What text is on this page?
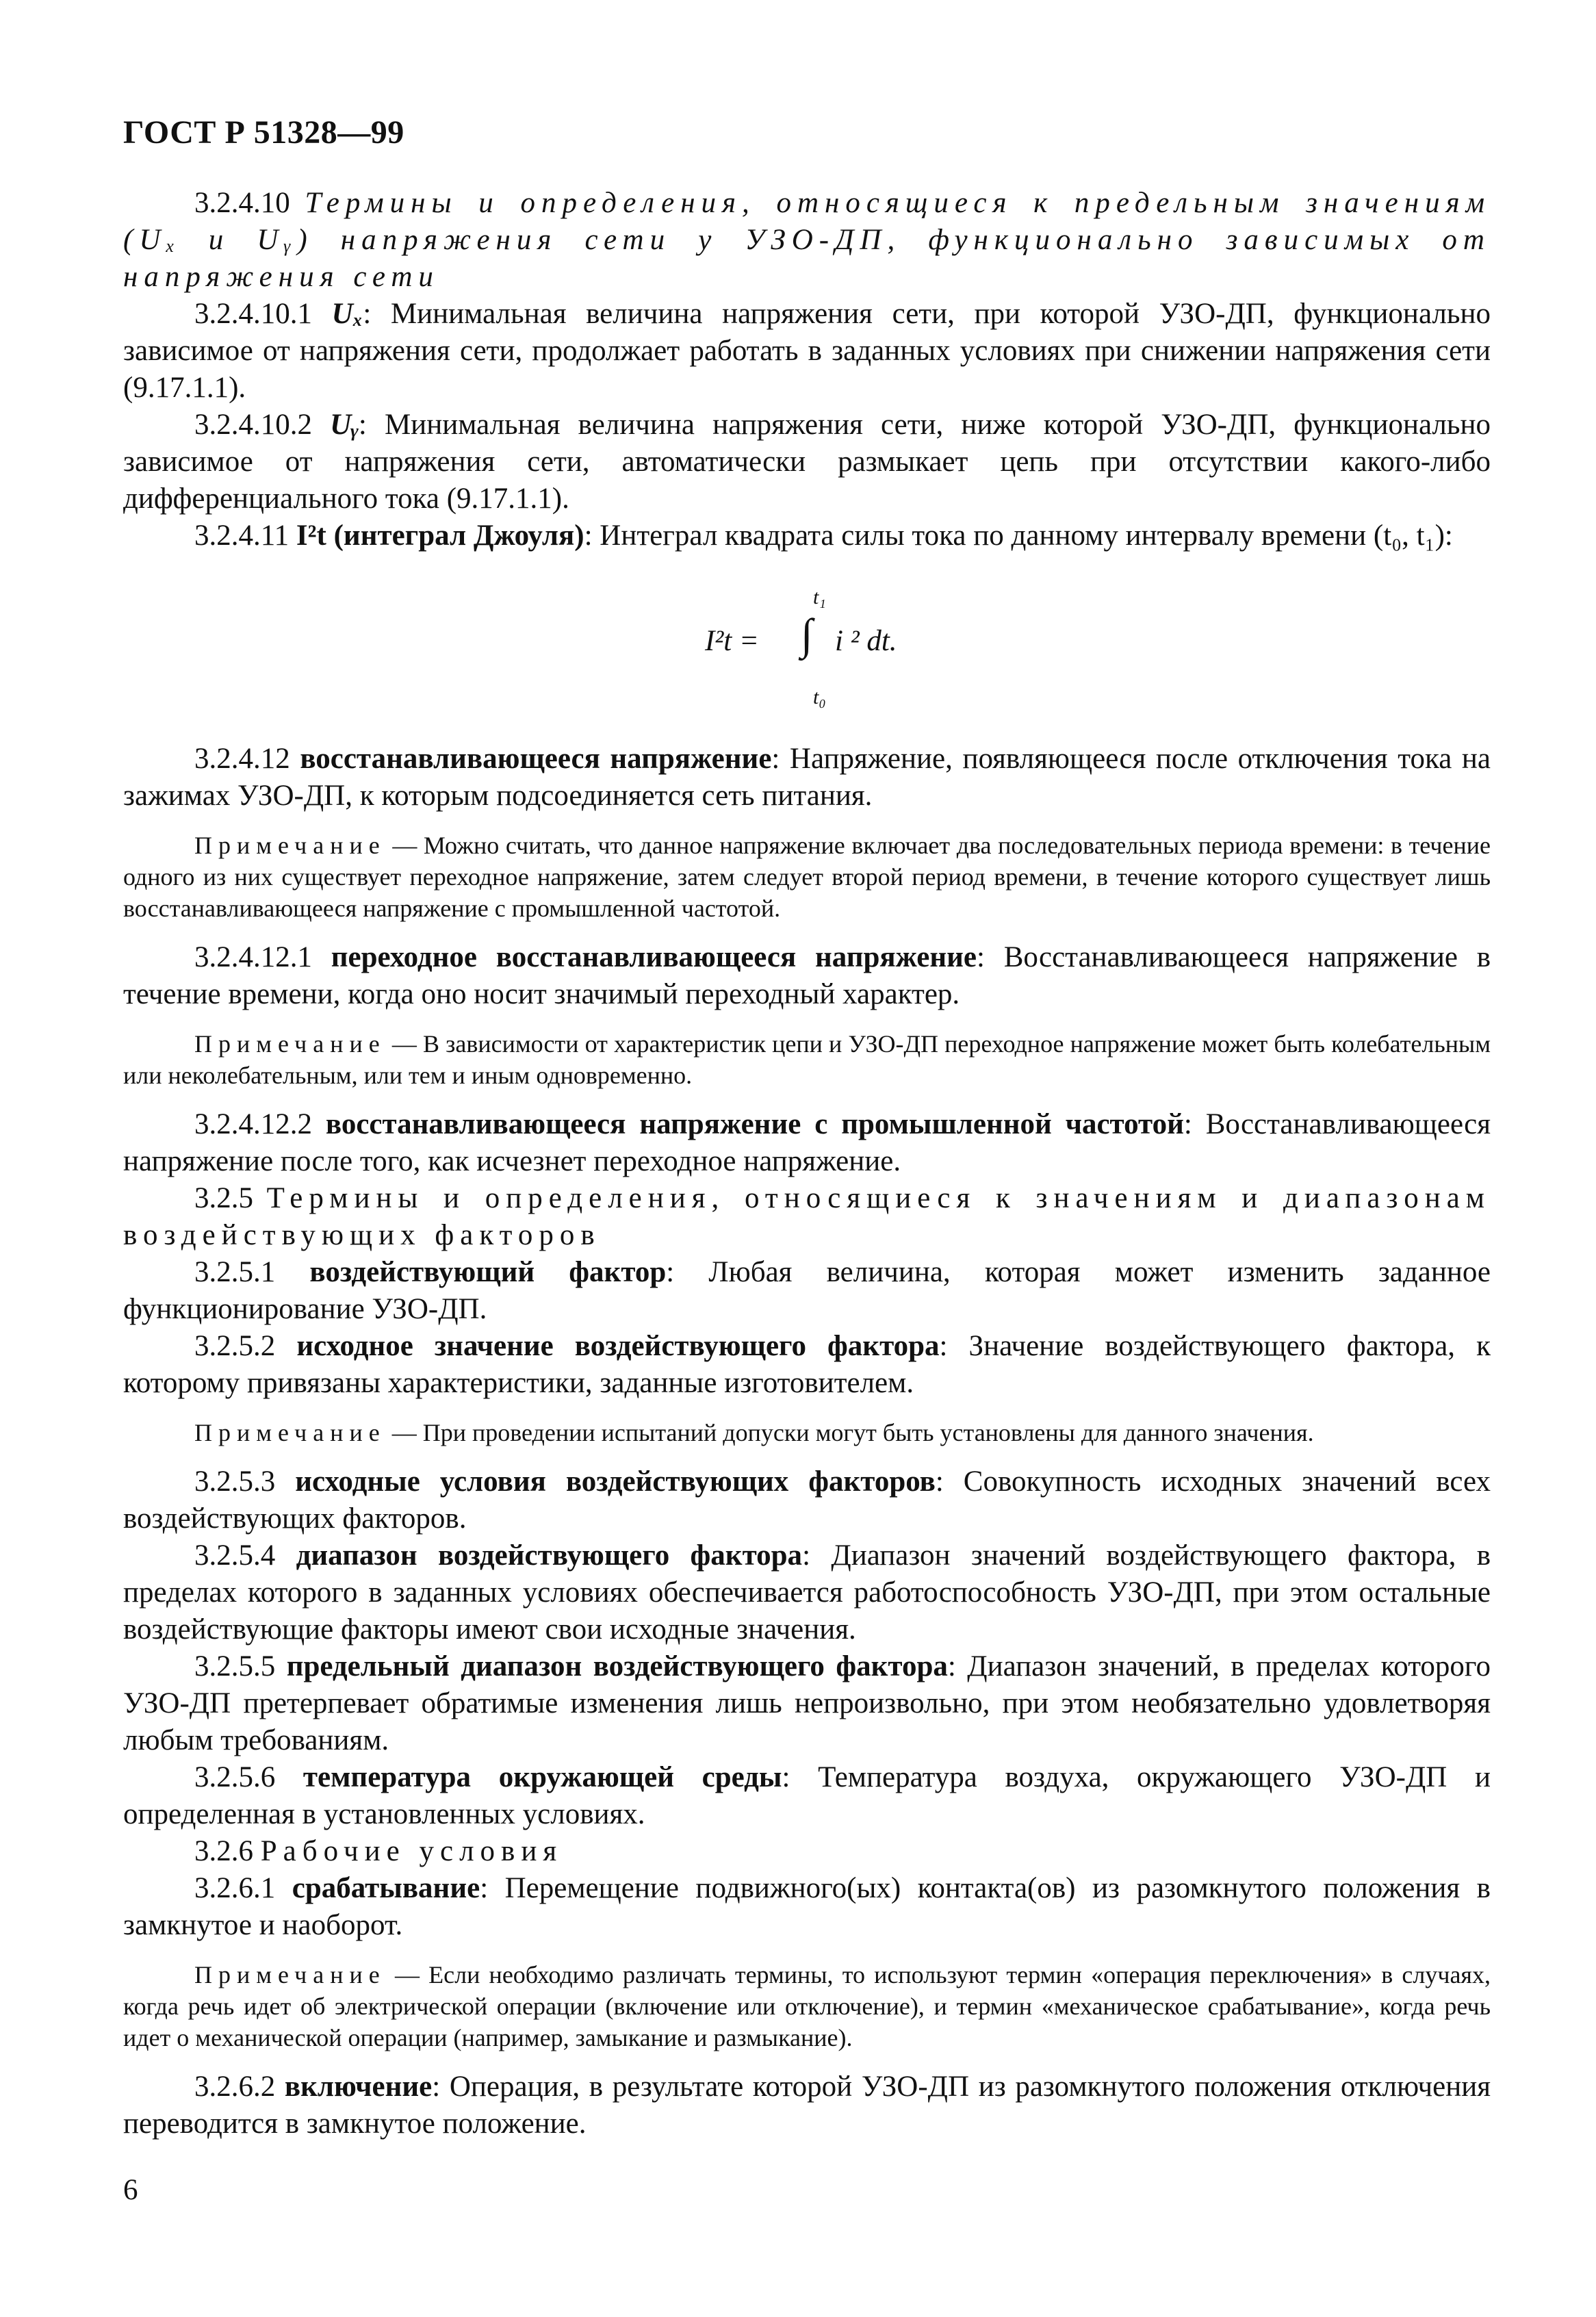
ГОСТ Р 51328—99

3.2.4.10 Термины и определения, относящиеся к предельным значениям (Uₓ и Uᵧ) напряжения сети у УЗО-ДП, функционально зависимых от напряжения сети

3.2.4.10.1 Uₓ: Минимальная величина напряжения сети, при которой УЗО-ДП, функционально зависимое от напряжения сети, продолжает работать в заданных условиях при снижении напряжения сети (9.17.1.1).

3.2.4.10.2 Uᵧ: Минимальная величина напряжения сети, ниже которой УЗО-ДП, функционально зависимое от напряжения сети, автоматически размыкает цепь при отсутствии какого-либо дифференциального тока (9.17.1.1).

3.2.4.11 I²t (интеграл Джоуля): Интеграл квадрата силы тока по данному интервалу времени (t₀, t₁):

I²t =
t₁
∫ i ² dt.
t₀

3.2.4.12 восстанавливающееся напряжение: Напряжение, появляющееся после отключения тока на зажимах УЗО-ДП, к которым подсоединяется сеть питания.

Примечание — Можно считать, что данное напряжение включает два последовательных периода времени: в течение одного из них существует переходное напряжение, затем следует второй период времени, в течение которого существует лишь восстанавливающееся напряжение с промышленной частотой.

3.2.4.12.1 переходное восстанавливающееся напряжение: Восстанавливающееся напряжение в течение времени, когда оно носит значимый переходный характер.

Примечание — В зависимости от характеристик цепи и УЗО-ДП переходное напряжение может быть колебательным или неколебательным, или тем и иным одновременно.

3.2.4.12.2 восстанавливающееся напряжение с промышленной частотой: Восстанавливающееся напряжение после того, как исчезнет переходное напряжение.

3.2.5 Термины и определения, относящиеся к значениям и диапазонам воздействующих факторов

3.2.5.1 воздействующий фактор: Любая величина, которая может изменить заданное функционирование УЗО-ДП.

3.2.5.2 исходное значение воздействующего фактора: Значение воздействующего фактора, к которому привязаны характеристики, заданные изготовителем.

Примечание — При проведении испытаний допуски могут быть установлены для данного значения.

3.2.5.3 исходные условия воздействующих факторов: Совокупность исходных значений всех воздействующих факторов.

3.2.5.4 диапазон воздействующего фактора: Диапазон значений воздействующего фактора, в пределах которого в заданных условиях обеспечивается работоспособность УЗО-ДП, при этом остальные воздействующие факторы имеют свои исходные значения.

3.2.5.5 предельный диапазон воздействующего фактора: Диапазон значений, в пределах которого УЗО-ДП претерпевает обратимые изменения лишь непроизвольно, при этом необязательно удовлетворяя любым требованиям.

3.2.5.6 температура окружающей среды: Температура воздуха, окружающего УЗО-ДП и определенная в установленных условиях.

3.2.6 Рабочие условия

3.2.6.1 срабатывание: Перемещение подвижного(ых) контакта(ов) из разомкнутого положения в замкнутое и наоборот.

Примечание — Если необходимо различать термины, то используют термин «операция переключения» в случаях, когда речь идет об электрической операции (включение или отключение), и термин «механическое срабатывание», когда речь идет о механической операции (например, замыкание и размыкание).

3.2.6.2 включение: Операция, в результате которой УЗО-ДП из разомкнутого положения отключения переводится в замкнутое положение.

6
